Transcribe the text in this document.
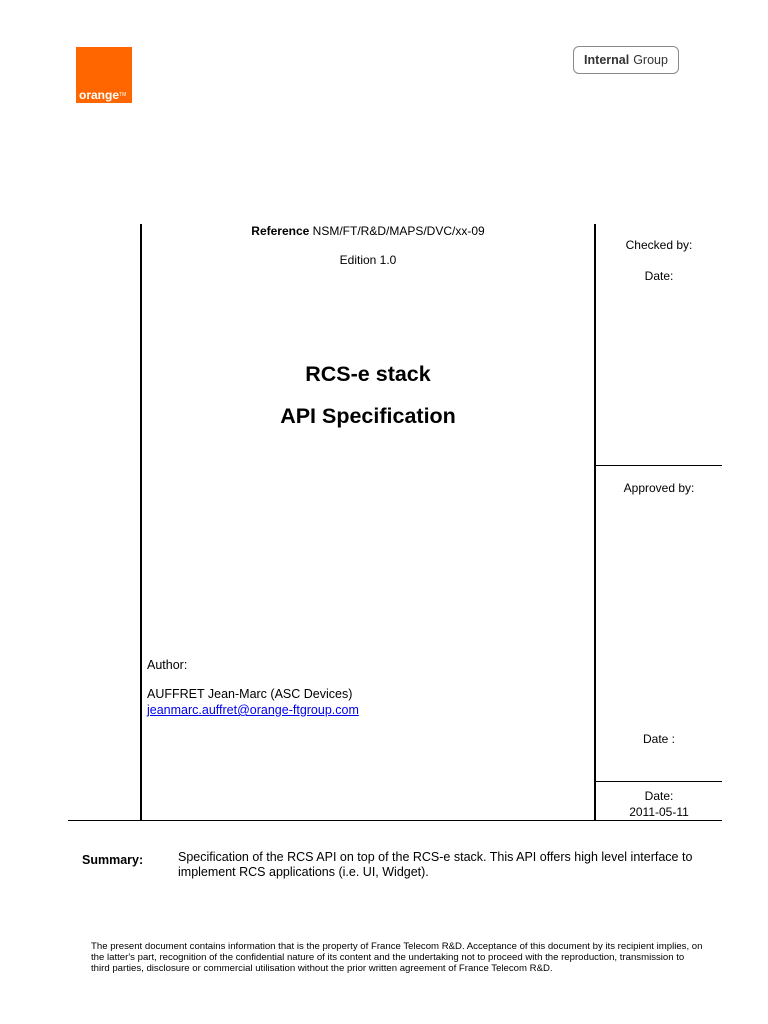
orange™
Internal Group
Reference NSM/FT/R&D/MAPS/DVC/xx-09
Edition 1.0
RCS-e stack
API Specification
Checked by:
Date:
Approved by:
Date :
Date:
2011-05-11
Author:
AUFFRET Jean-Marc (ASC Devices)
jeanmarc.auffret@orange-ftgroup.com
Summary:	Specification of the RCS API on top of the RCS-e stack. This API offers high level interface to implement RCS applications (i.e. UI, Widget).
The present document contains information that is the property of France Telecom R&D. Acceptance of this document by its recipient implies, on the latter's part, recognition of the confidential nature of its content and the undertaking not to proceed with the reproduction, transmission to third parties, disclosure or commercial utilisation without the prior written agreement of France Telecom R&D.
